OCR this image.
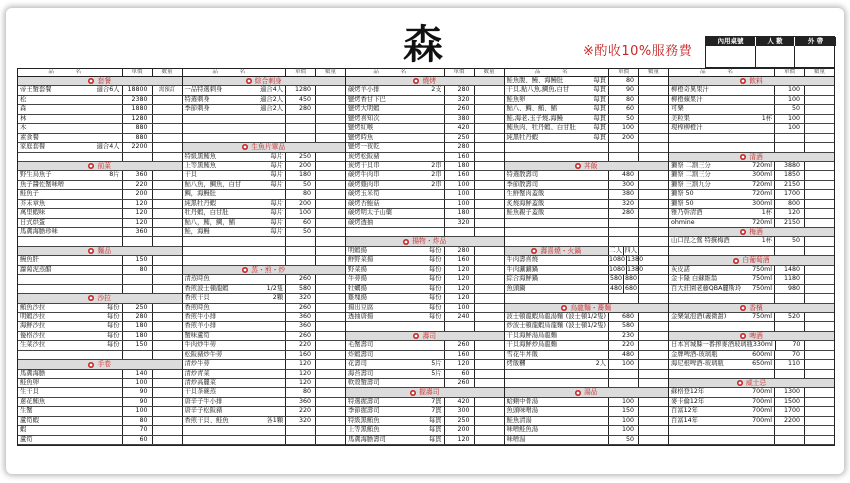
森	※酌收10%服務費
內用桌號	人 數	外 帶
品 名	單價	數量
套餐
帝王蟹套餐	適合6人	18800	需預訂
松	2380
森	1880
林	1280
木	880
素食餐	880
家庭套餐	適合4人	2200
前菜
野生烏魚子	8片	360
魚子醬佐蟹味噌	220
鮭魚子	200
芥末章魚	120
萬里蝦味	120
日式烘蛋	120
馬糞海膽珍味	360
麵品
鰻魚肝	150
蘿蔔泥蒸醋	80
沙拉
鮪魚沙拉	每份	250
明蝦沙拉	每份	280
海鮮沙拉	每份	180
優格沙拉	每份	180
生菜沙拉	每份	150
手卷
馬糞海膽	140
鮭魚卵	100
生干貝	90
蔥花鮪魚	90
生蟹	100
蘆筍蝦	80
蝦	70
蘆筍	60
品 名	單價	數量
綜合刺身
一品特選刺身	適合4人	1280
特選刺身	適合2人	450
季節刺身	適合2人	280
生魚片單品
特級黑鮪魚	每片	250
上等黑鮪魚	每片	200
干貝	每片	180
鮎八魚，鯛魚，白甘	每片	50
鯛，海鰻肚	80
純黑牡丹蝦	每片	200
牡丹蝦，白甘肚	每片	100
鮎八，鮪，鯛，鯧	每片	60
鮭，海鰻	每片	50
蒸・煎・炒
清蒸時魚	260
香煎波士頓龍蝦	1/2隻	580
香煎干貝	2顆	320
香煎時魚	260
香煎牛小排	360
香煎羊小排	360
蟹味蘆筍	260
牛肉炒牛蒡	220
松阪豬炒牛蒡	160
清炒牛蒡	120
清炒青菜	120
清炒高麗菜	120
干貝茶碗蒸	80
唐辛子牛小排	360
唐辛子松阪豬	220
香煎干貝、鮭魚	各1顆	320
品 名	單價	數量
燒烤
碳烤羊小排	2支	280
鹽烤香甘下巴	320
鹽烤大明蝦	260
鹽烤喜知次	380
鹽烤紅喉	420
鹽烤時魚	250
鹽烤一夜乾	280
炭烤松阪豬	160
炭烤干貝串	2串	180
碳烤牛肉串	2串	160
碳烤雞肉串	2串	100
碳烤玉米筍	100
碳烤杏鮑菇	100
碳烤明太子山藥	180
碳烤透抽	320
揚物・炸品
明蝦揚	每份	280
鮮野菜揚	每份	160
野菜揚	每份	120
牛蒡揚	每份	120
牡蠣揚	每份	120
雞塊揚	每份	120
揚出豆腐	每份	100
透抽唐揚	每份	240
壽司
毛蟹壽司	260
炸蝦壽司	160
花壽司	5片	120
海苔壽司	5片	60
軟殼蟹壽司	260
握壽司
特選握壽司	7貫	420
季節握壽司	7貫	300
特級黑鮪魚	每貫	250
上等黑鮪魚	每貫	200
馬糞海膽壽司	每貫	120
品 名	單價	數量
鮭魚腹、鰻、海鰻肚	每貫	80
干貝,鮎八魚,鯛魚,白甘	每貫	90
鮭魚卵	每貫	80
鮎八、鯛、鮪、鯧	每貫	60
鮭,海老,玉子燒,海鰻	每貫	50
鮪魚肉、牡丹蝦、白甘肚	每貫	100
純黑牡丹蝦	每貫	200
丼飯
特選散壽司	480
季節散壽司	300
生鮮蟹肉蓋飯	380
炙燒海鮮蓋飯	320
鮭魚親子蓋飯	280
壽喜燒・火鍋	二人 四人
牛肉壽喜燒	1080 1380
牛肉涮涮鍋	1080 1380
綜合海鮮鍋	580 880
魚頭鍋	480 680
烏龍麵・蕎麵
波士頓龍蝦烏龍湯麵 (波士頓1/2隻)	680
炒波士頓龍蝦烏龍麵 (波士頓1/2隻)	580
干貝海鮮湯烏龍麵	230
干貝海鮮炒烏龍麵	220
雪花牛丼飯	480
烤飯糰	2人	100
湯品
蛤蜊中骨湯	100
魚頭味噌湯	150
鮭魚清湯	100
味噌鮭魚湯	100
味噌湯	50
品 名	單價	數量
飲料
柳橙奇異果汁	100
柳橙蘋果汁	100
可樂	50
美粒果	1杯	100
現榨柳橙汁	100
清酒
獺祭 二割三分	720ml	3880
獺祭 二割三分	300ml	1850
獺祭 三割九分	720ml	2150
獺祭 50	720ml	1700
獺祭 50	300ml	800
雅乃幹清酒	1杯	120
ohmine	720ml	2150
梅酒
山口昆之鶯 特撰梅酒	1杯	50
白葡萄酒
灰皮諾	750ml	1480
金卡隆 白蘇維翁	750ml	1180
百大莊園老藤QBA麗斯玲 750ml	980
香檳
金樂氣泡酒(義微甜)	750ml	520
啤酒
日本宮城縣一番搾麥酒玻璃瓶 330ml	70
金牌啤酒-玻璃瓶	600ml	70
海尼根啤酒-玻璃瓶	650ml	110
威士忌
蘇格登12年	700ml	1300
麥卡倫12年	700ml	1500
百富12年	700ml	1700
百富14年	700ml	2200
